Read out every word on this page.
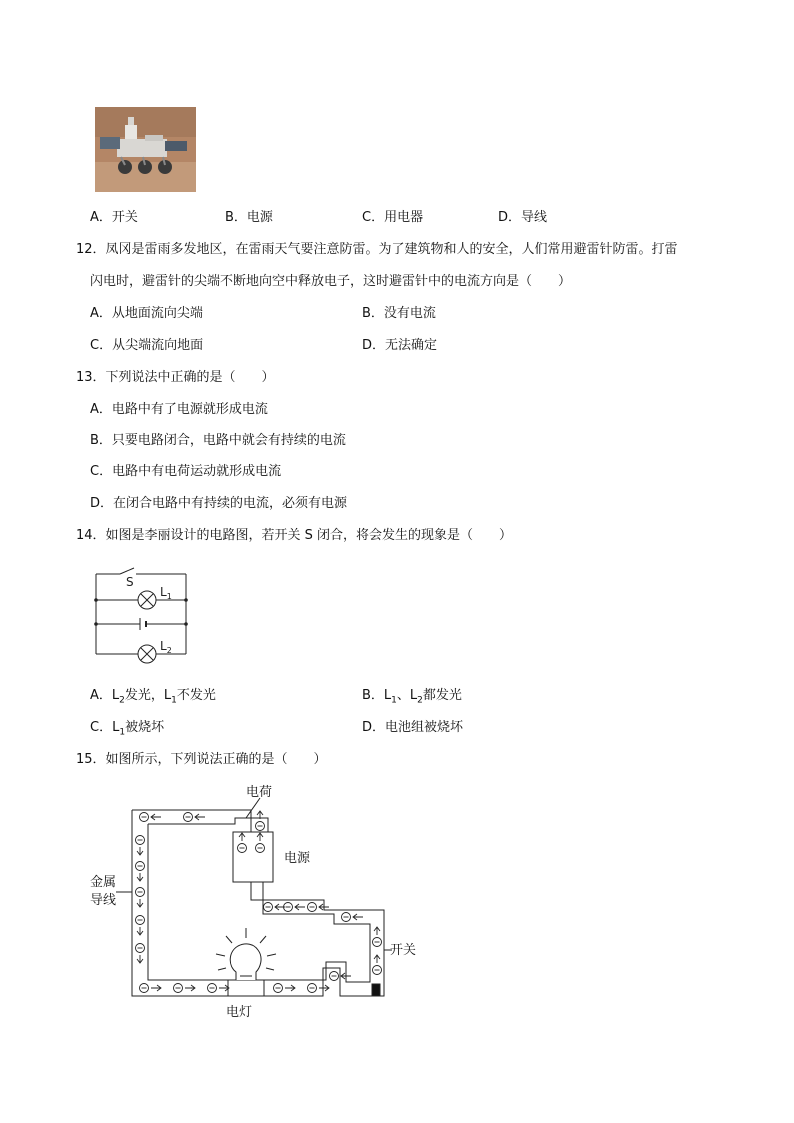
A．开关	B．电源	C．用电器	D．导线
12．凤冈是雷雨多发地区，在雷雨天气要注意防雷。为了建筑物和人的安全，人们常用避雷针防雷。打雷
闪电时，避雷针的尖端不断地向空中释放电子，这时避雷针中的电流方向是（　　）
A．从地面流向尖端	B．没有电流
C．从尖端流向地面	D．无法确定
13．下列说法中正确的是（　　）
A．电路中有了电源就形成电流
B．只要电路闭合，电路中就会有持续的电流
C．电路中有电荷运动就形成电流
D．在闭合电路中有持续的电流，必须有电源
14．如图是李丽设计的电路图，若开关 S 闭合，将会发生的现象是（　　）
S
$L_1$
$L_2$
A．$L_2$发光，$L_1$不发光	B．$L_1$、$L_2$都发光
C．$L_1$被烧坏	D．电池组被烧坏
15．如图所示，下列说法正确的是（　　）
电荷
电源
金属
导线
开关
电灯
